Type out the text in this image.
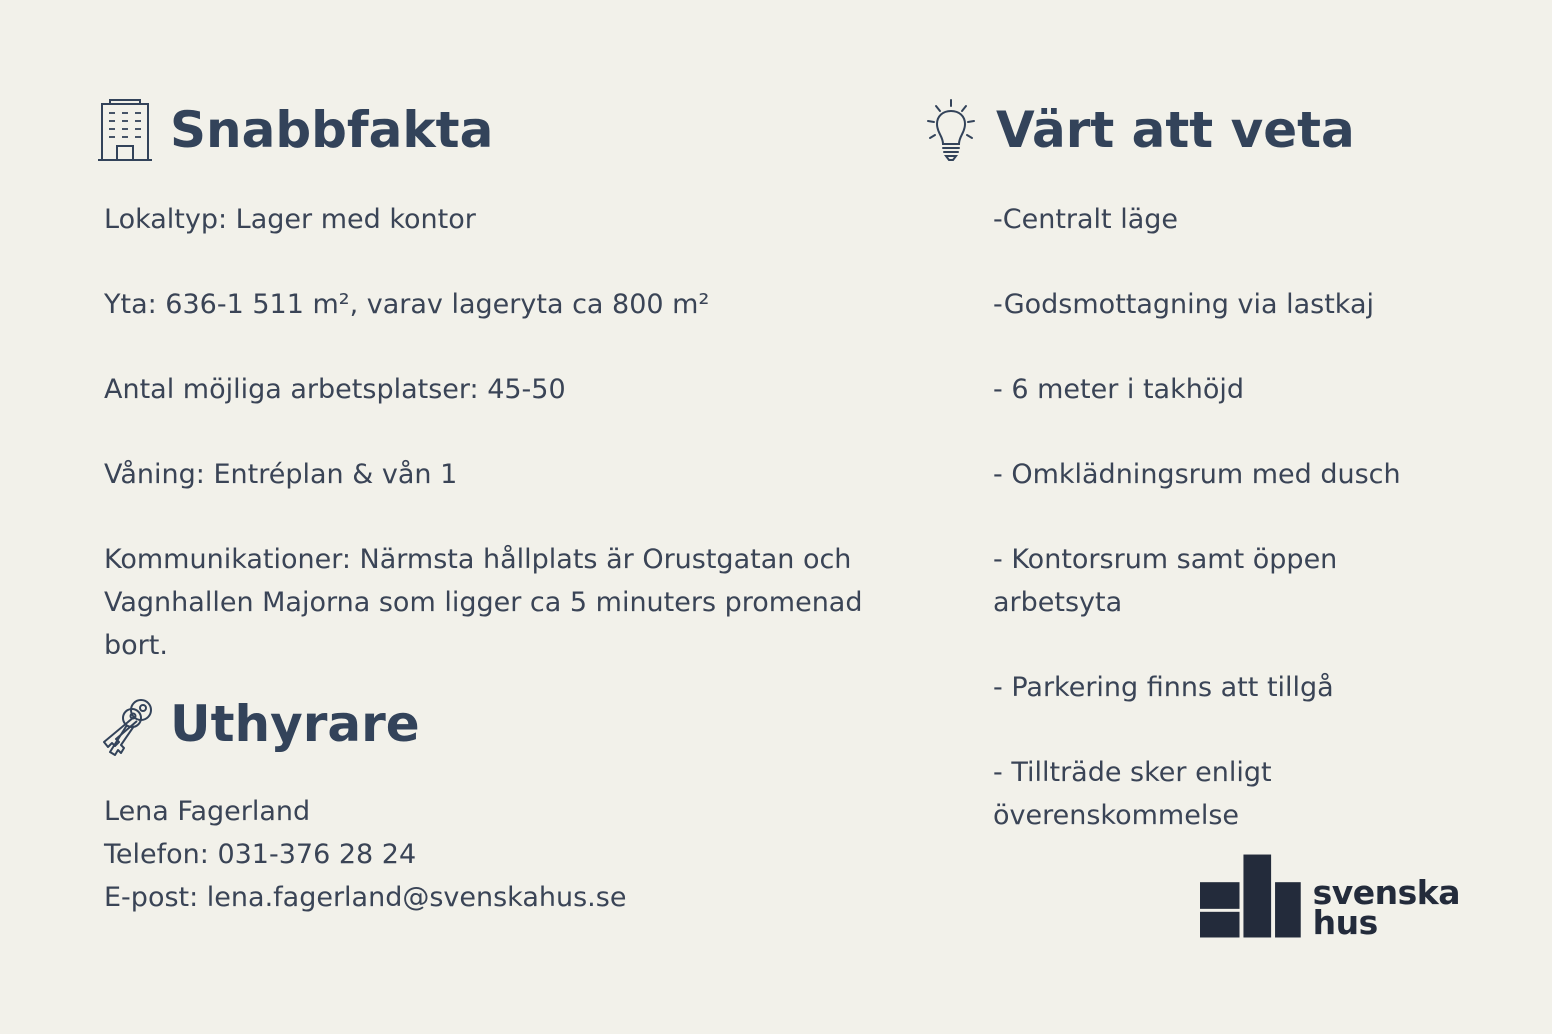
Snabbfakta

Lokaltyp: Lager med kontor

Yta: 636-1 511 m², varav lageryta ca 800 m²

Antal möjliga arbetsplatser: 45-50

Våning: Entréplan & vån 1

Kommunikationer: Närmsta hållplats är Orustgatan och Vagnhallen Majorna som ligger ca 5 minuters promenad bort.

Värt att veta

-Centralt läge

-Godsmottagning via lastkaj

- 6 meter i takhöjd

- Omklädningsrum med dusch

- Kontorsrum samt öppen arbetsyta

- Parkering finns att tillgå

- Tillträde sker enligt överenskommelse

Uthyrare

Lena Fagerland

Telefon: 031-376 28 24

E-post: lena.fagerland@svenskahus.se	svenska
hus
